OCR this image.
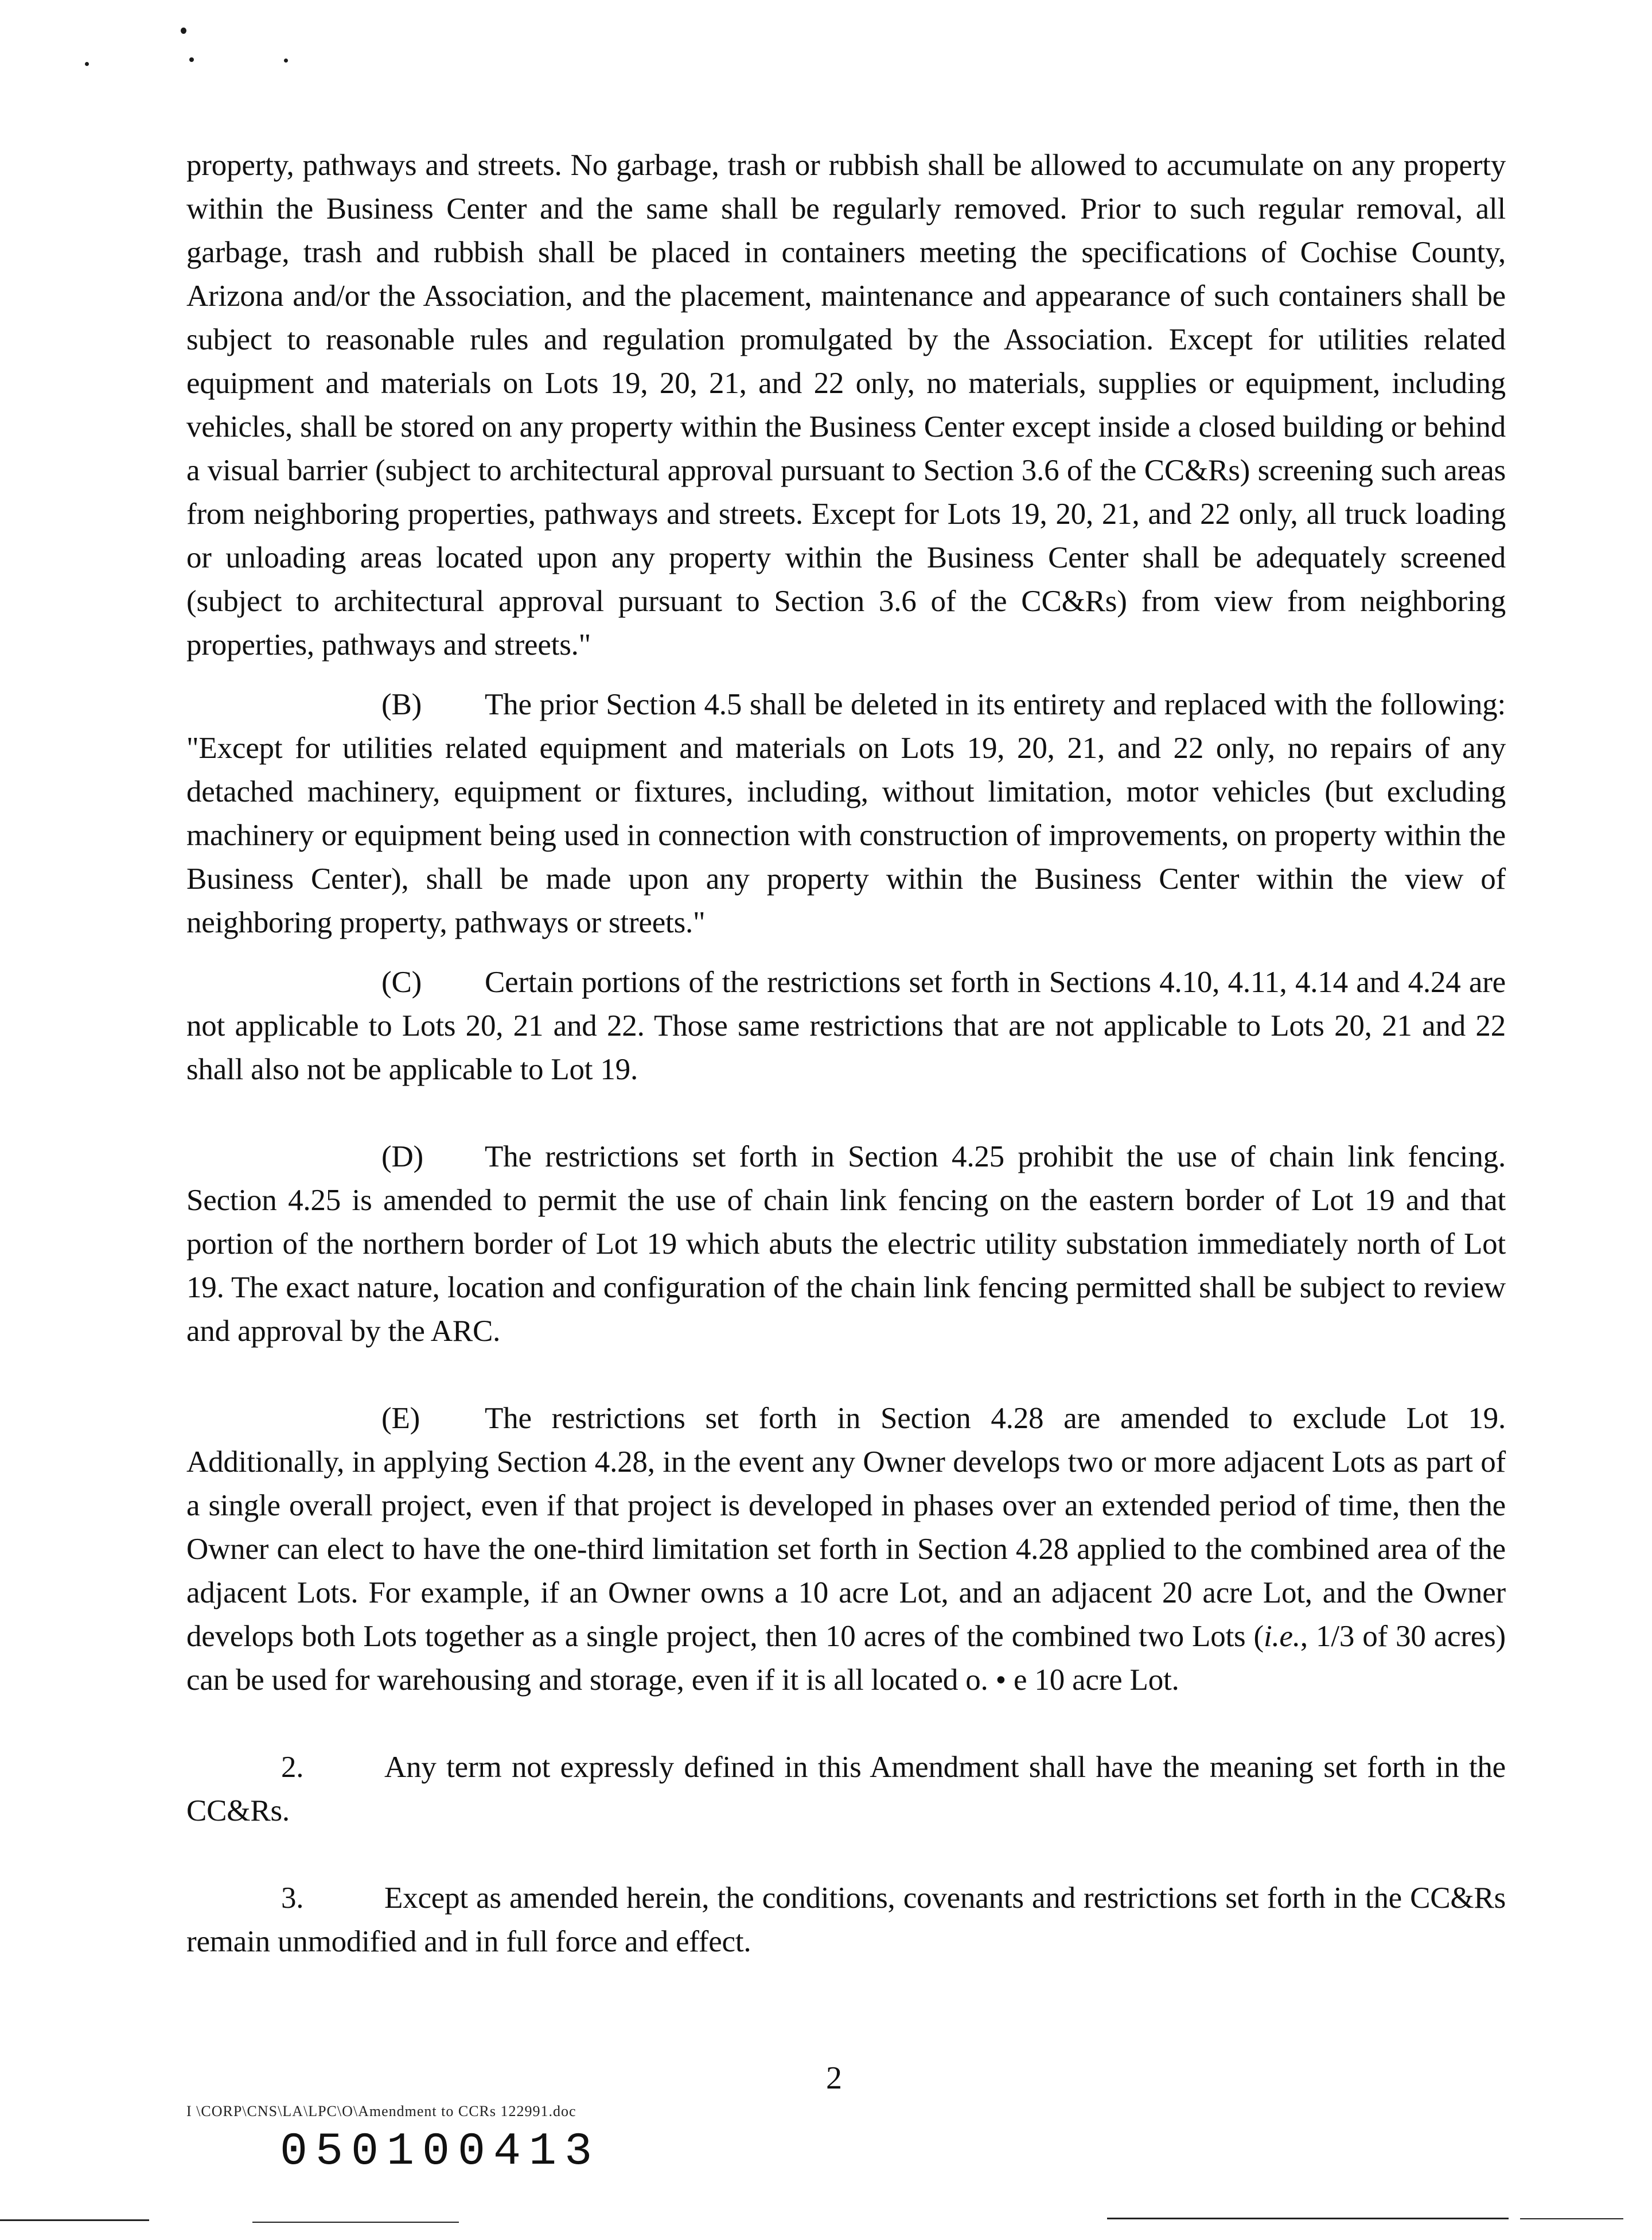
property, pathways and streets. No garbage, trash or rubbish shall be allowed to accumulate on any property within the Business Center and the same shall be regularly removed. Prior to such regular removal, all garbage, trash and rubbish shall be placed in containers meeting the specifications of Cochise County, Arizona and/or the Association, and the placement, maintenance and appearance of such containers shall be subject to reasonable rules and regulation promulgated by the Association. Except for utilities related equipment and materials on Lots 19, 20, 21, and 22 only, no materials, supplies or equipment, including vehicles, shall be stored on any property within the Business Center except inside a closed building or behind a visual barrier (subject to architectural approval pursuant to Section 3.6 of the CC&Rs) screening such areas from neighboring properties, pathways and streets. Except for Lots 19, 20, 21, and 22 only, all truck loading or unloading areas located upon any property within the Business Center shall be adequately screened (subject to architectural approval pursuant to Section 3.6 of the CC&Rs) from view from neighboring properties, pathways and streets."

(B) The prior Section 4.5 shall be deleted in its entirety and replaced with the following: "Except for utilities related equipment and materials on Lots 19, 20, 21, and 22 only, no repairs of any detached machinery, equipment or fixtures, including, without limitation, motor vehicles (but excluding machinery or equipment being used in connection with construction of improvements, on property within the Business Center), shall be made upon any property within the Business Center within the view of neighboring property, pathways or streets."

(C) Certain portions of the restrictions set forth in Sections 4.10, 4.11, 4.14 and 4.24 are not applicable to Lots 20, 21 and 22. Those same restrictions that are not applicable to Lots 20, 21 and 22 shall also not be applicable to Lot 19.

(D) The restrictions set forth in Section 4.25 prohibit the use of chain link fencing. Section 4.25 is amended to permit the use of chain link fencing on the eastern border of Lot 19 and that portion of the northern border of Lot 19 which abuts the electric utility substation immediately north of Lot 19. The exact nature, location and configuration of the chain link fencing permitted shall be subject to review and approval by the ARC.

(E) The restrictions set forth in Section 4.28 are amended to exclude Lot 19. Additionally, in applying Section 4.28, in the event any Owner develops two or more adjacent Lots as part of a single overall project, even if that project is developed in phases over an extended period of time, then the Owner can elect to have the one-third limitation set forth in Section 4.28 applied to the combined area of the adjacent Lots. For example, if an Owner owns a 10 acre Lot, and an adjacent 20 acre Lot, and the Owner develops both Lots together as a single project, then 10 acres of the combined two Lots (i.e., 1/3 of 30 acres) can be used for warehousing and storage, even if it is all located o. • e 10 acre Lot.

2.	Any term not expressly defined in this Amendment shall have the meaning set forth in the CC&Rs.

3.	Except as amended herein, the conditions, covenants and restrictions set forth in the CC&Rs remain unmodified and in full force and effect.

2
I \CORP\CNS\LA\LPC\O\Amendment to CCRs 122991.doc
050100413
